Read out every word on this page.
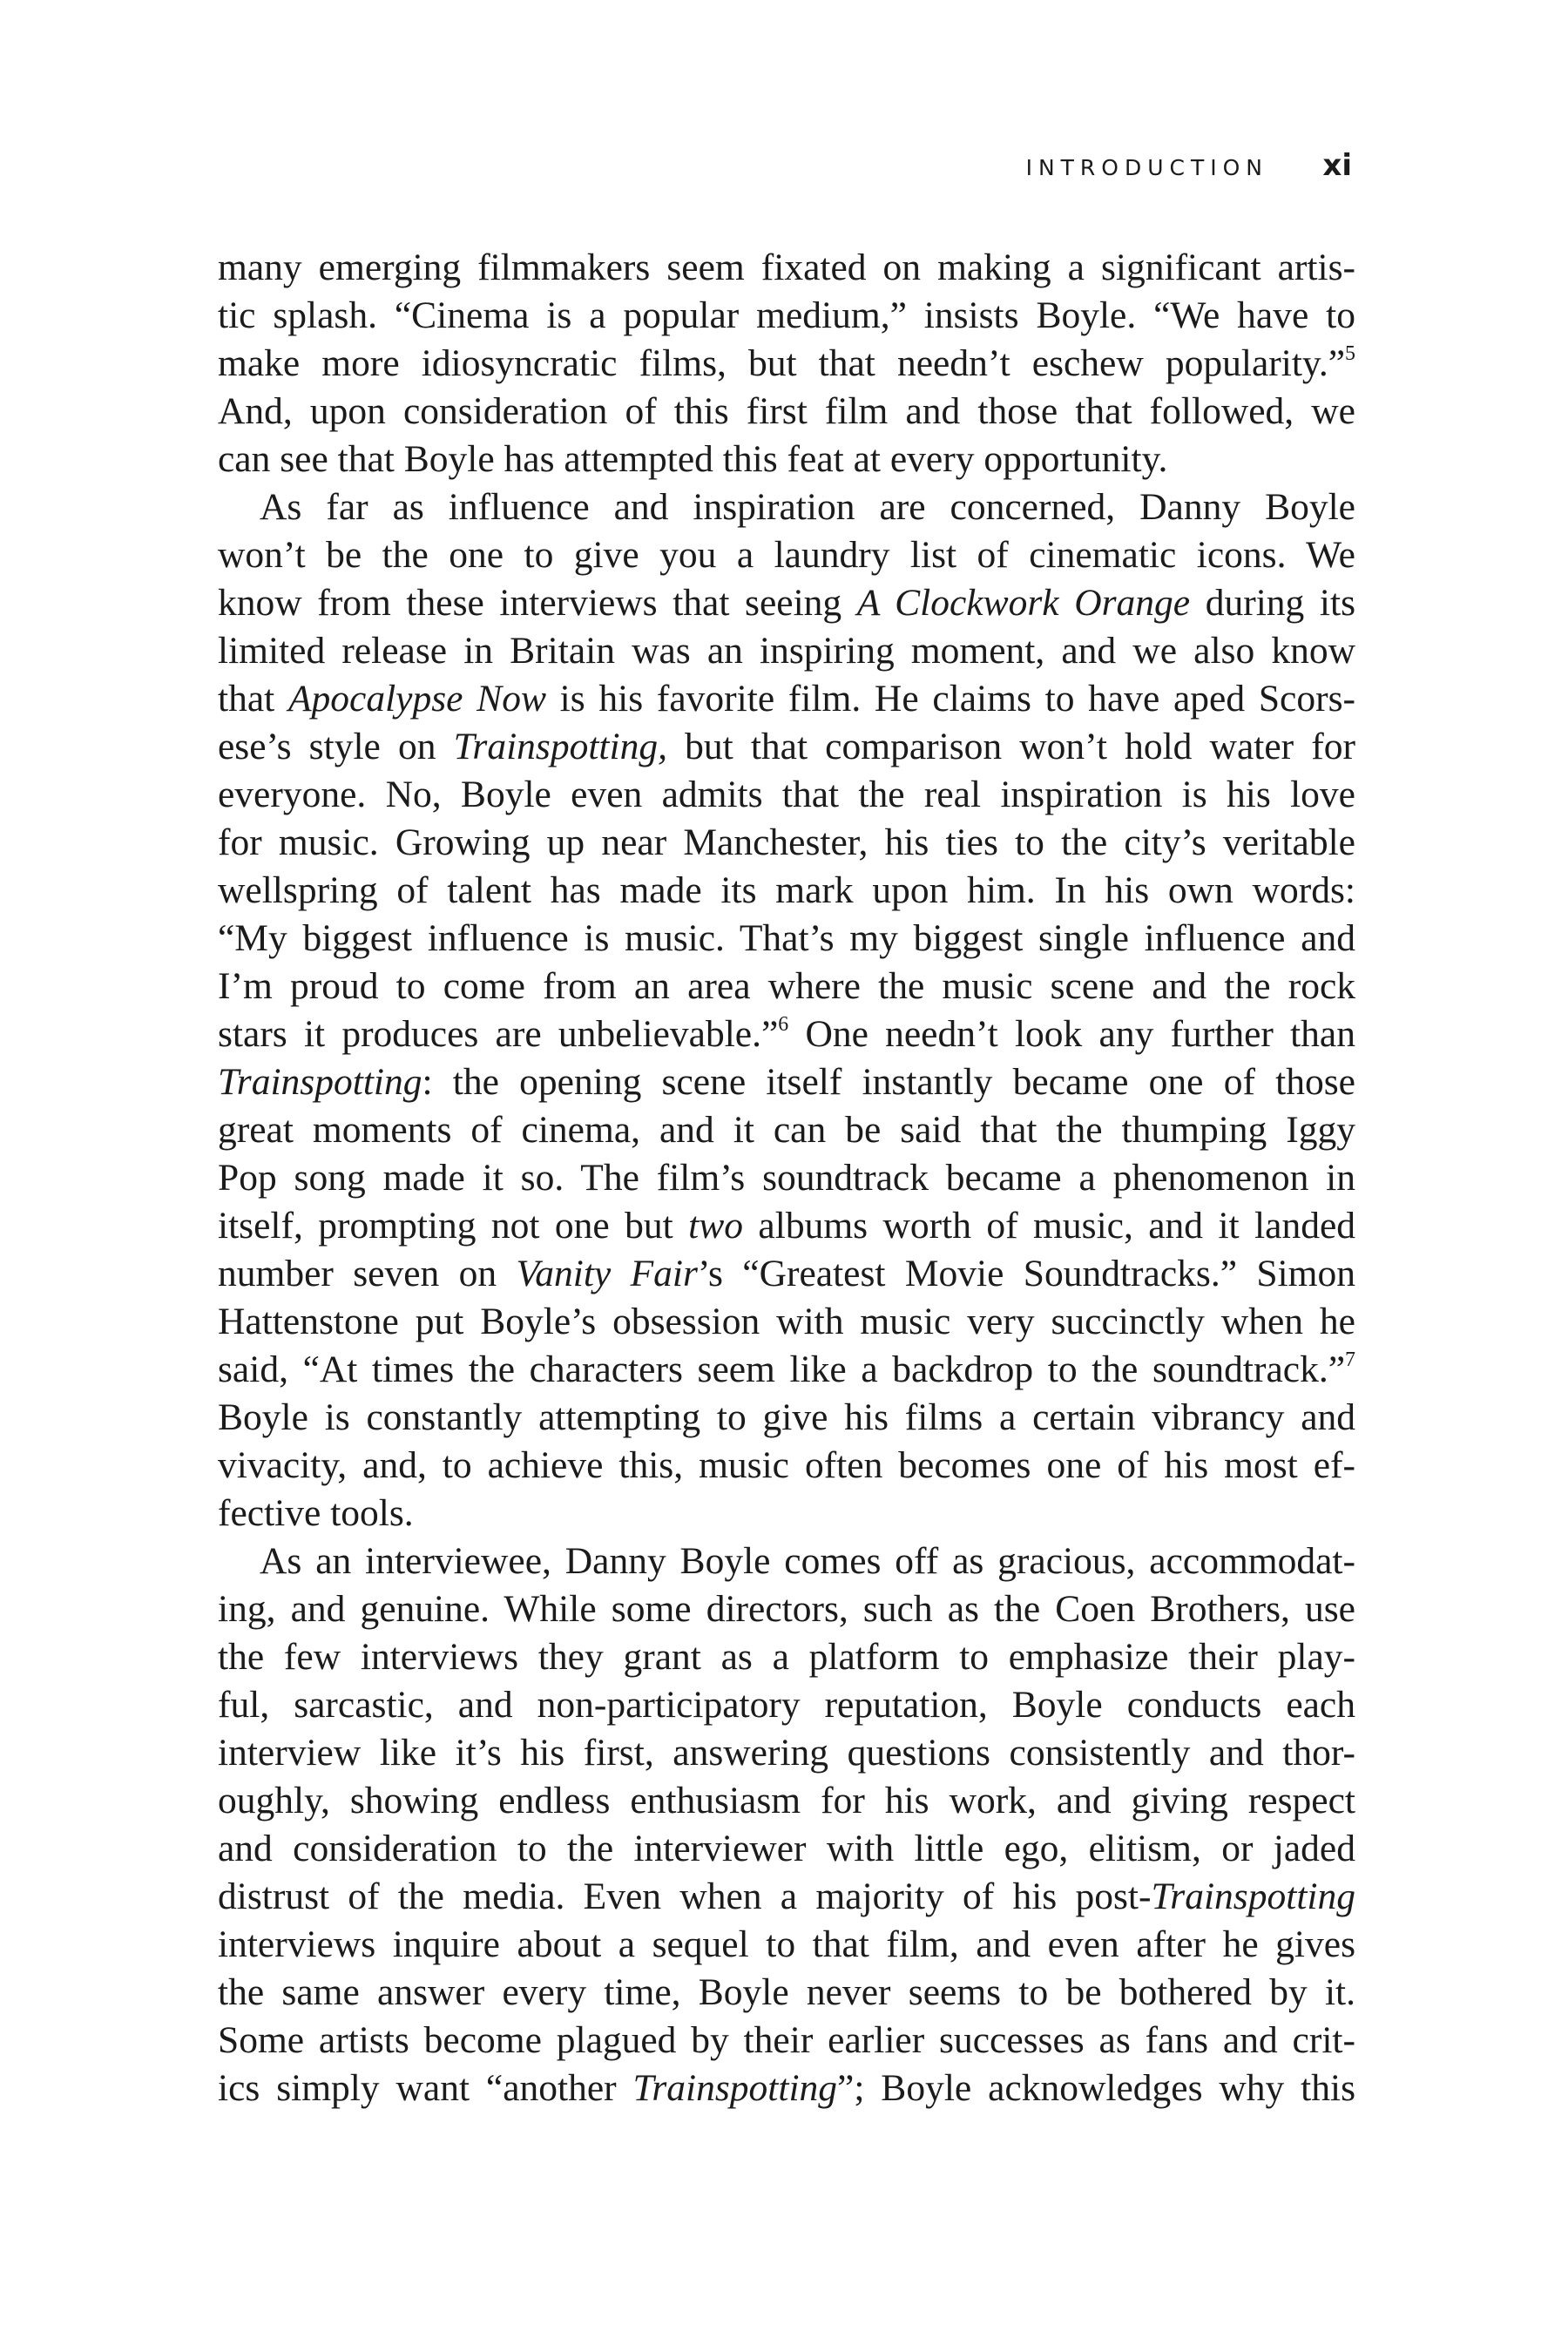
INTRODUCTION xi
many emerging filmmakers seem fixated on making a significant artis-
tic splash. “Cinema is a popular medium,” insists Boyle. “We have to
make more idiosyncratic films, but that needn’t eschew popularity.”$^5$
And, upon consideration of this first film and those that followed, we
can see that Boyle has attempted this feat at every opportunity.
As far as influence and inspiration are concerned, Danny Boyle
won’t be the one to give you a laundry list of cinematic icons. We
know from these interviews that seeing A Clockwork Orange during its
limited release in Britain was an inspiring moment, and we also know
that Apocalypse Now is his favorite film. He claims to have aped Scors-
ese’s style on Trainspotting, but that comparison won’t hold water for
everyone. No, Boyle even admits that the real inspiration is his love
for music. Growing up near Manchester, his ties to the city’s veritable
wellspring of talent has made its mark upon him. In his own words:
“My biggest influence is music. That’s my biggest single influence and
I’m proud to come from an area where the music scene and the rock
stars it produces are unbelievable.”$^6$ One needn’t look any further than
Trainspotting: the opening scene itself instantly became one of those
great moments of cinema, and it can be said that the thumping Iggy
Pop song made it so. The film’s soundtrack became a phenomenon in
itself, prompting not one but two albums worth of music, and it landed
number seven on Vanity Fair’s “Greatest Movie Soundtracks.” Simon
Hattenstone put Boyle’s obsession with music very succinctly when he
said, “At times the characters seem like a backdrop to the soundtrack.”$^7$
Boyle is constantly attempting to give his films a certain vibrancy and
vivacity, and, to achieve this, music often becomes one of his most ef-
fective tools.
As an interviewee, Danny Boyle comes off as gracious, accommodat-
ing, and genuine. While some directors, such as the Coen Brothers, use
the few interviews they grant as a platform to emphasize their play-
ful, sarcastic, and non-participatory reputation, Boyle conducts each
interview like it’s his first, answering questions consistently and thor-
oughly, showing endless enthusiasm for his work, and giving respect
and consideration to the interviewer with little ego, elitism, or jaded
distrust of the media. Even when a majority of his post-Trainspotting
interviews inquire about a sequel to that film, and even after he gives
the same answer every time, Boyle never seems to be bothered by it.
Some artists become plagued by their earlier successes as fans and crit-
ics simply want “another Trainspotting”; Boyle acknowledges why this
